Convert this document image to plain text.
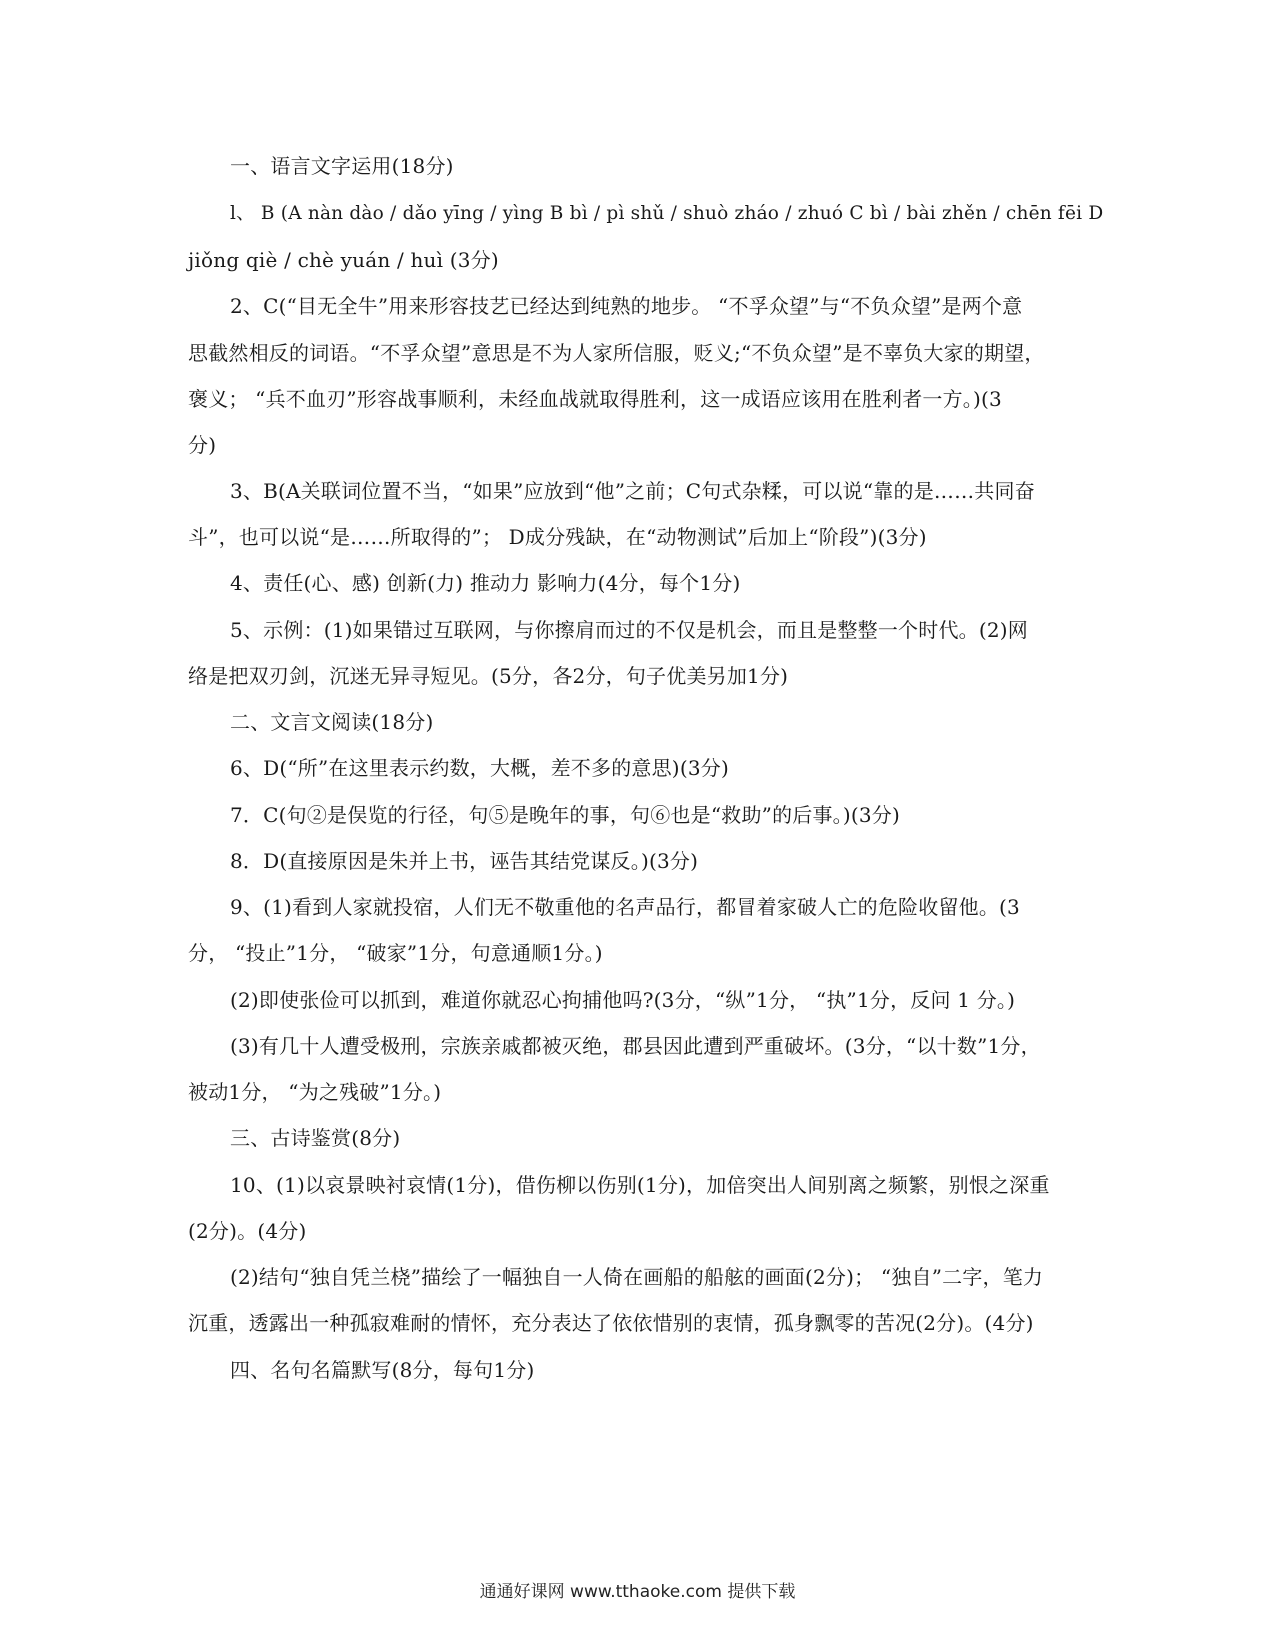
一、语言文字运用(18分)
l、 B (A nàn dào / dǎo yīng / yìng B bì / pì shǔ / shuò zháo / zhuó C bì / bài zhěn / chēn fēi D
jiǒng qiè / chè yuán / huì (3分)
2、C(“目无全牛”用来形容技艺已经达到纯熟的地步。 “不孚众望”与“不负众望”是两个意
思截然相反的词语。“不孚众望”意思是不为人家所信服，贬义;“不负众望”是不辜负大家的期望，
褒义； “兵不血刃”形容战事顺利，未经血战就取得胜利，这一成语应该用在胜利者一方。)(3
分)
3、B(A关联词位置不当，“如果”应放到“他”之前；C句式杂糅，可以说“靠的是……共同奋
斗”，也可以说“是……所取得的”； D成分残缺，在“动物测试”后加上“阶段”)(3分)
4、责任(心、感) 创新(力) 推动力 影响力(4分，每个1分)
5、示例：(1)如果错过互联网，与你擦肩而过的不仅是机会，而且是整整一个时代。(2)网
络是把双刃剑，沉迷无异寻短见。(5分，各2分，句子优美另加1分)
二、文言文阅读(18分)
6、D(“所”在这里表示约数，大概，差不多的意思)(3分)
7．C(句②是俣览的行径，句⑤是晚年的事，句⑥也是“救助”的后事。)(3分)
8．D(直接原因是朱并上书，诬告其结党谋反。)(3分)
9、(1)看到人家就投宿，人们无不敬重他的名声品行，都冒着家破人亡的危险收留他。(3
分， “投止”1分， “破家”1分，句意通顺1分。)
(2)即使张俭可以抓到，难道你就忍心拘捕他吗?(3分，“纵”1分， “执”1分，反问 1 分。)
(3)有几十人遭受极刑，宗族亲戚都被灭绝，郡县因此遭到严重破坏。(3分，“以十数”1分，
被动1分， “为之残破”1分。)
三、古诗鉴赏(8分)
10、(1)以哀景映衬哀情(1分)，借伤柳以伤别(1分)，加倍突出人间别离之频繁，别恨之深重
(2分)。(4分)
(2)结句“独自凭兰桡”描绘了一幅独自一人倚在画船的船舷的画面(2分)； “独自”二字，笔力
沉重，透露出一种孤寂难耐的情怀，充分表达了依依惜别的衷情，孤身飘零的苦况(2分)。(4分)
四、名句名篇默写(8分，每句1分)
通通好课网 www.tthaoke.com 提供下载
